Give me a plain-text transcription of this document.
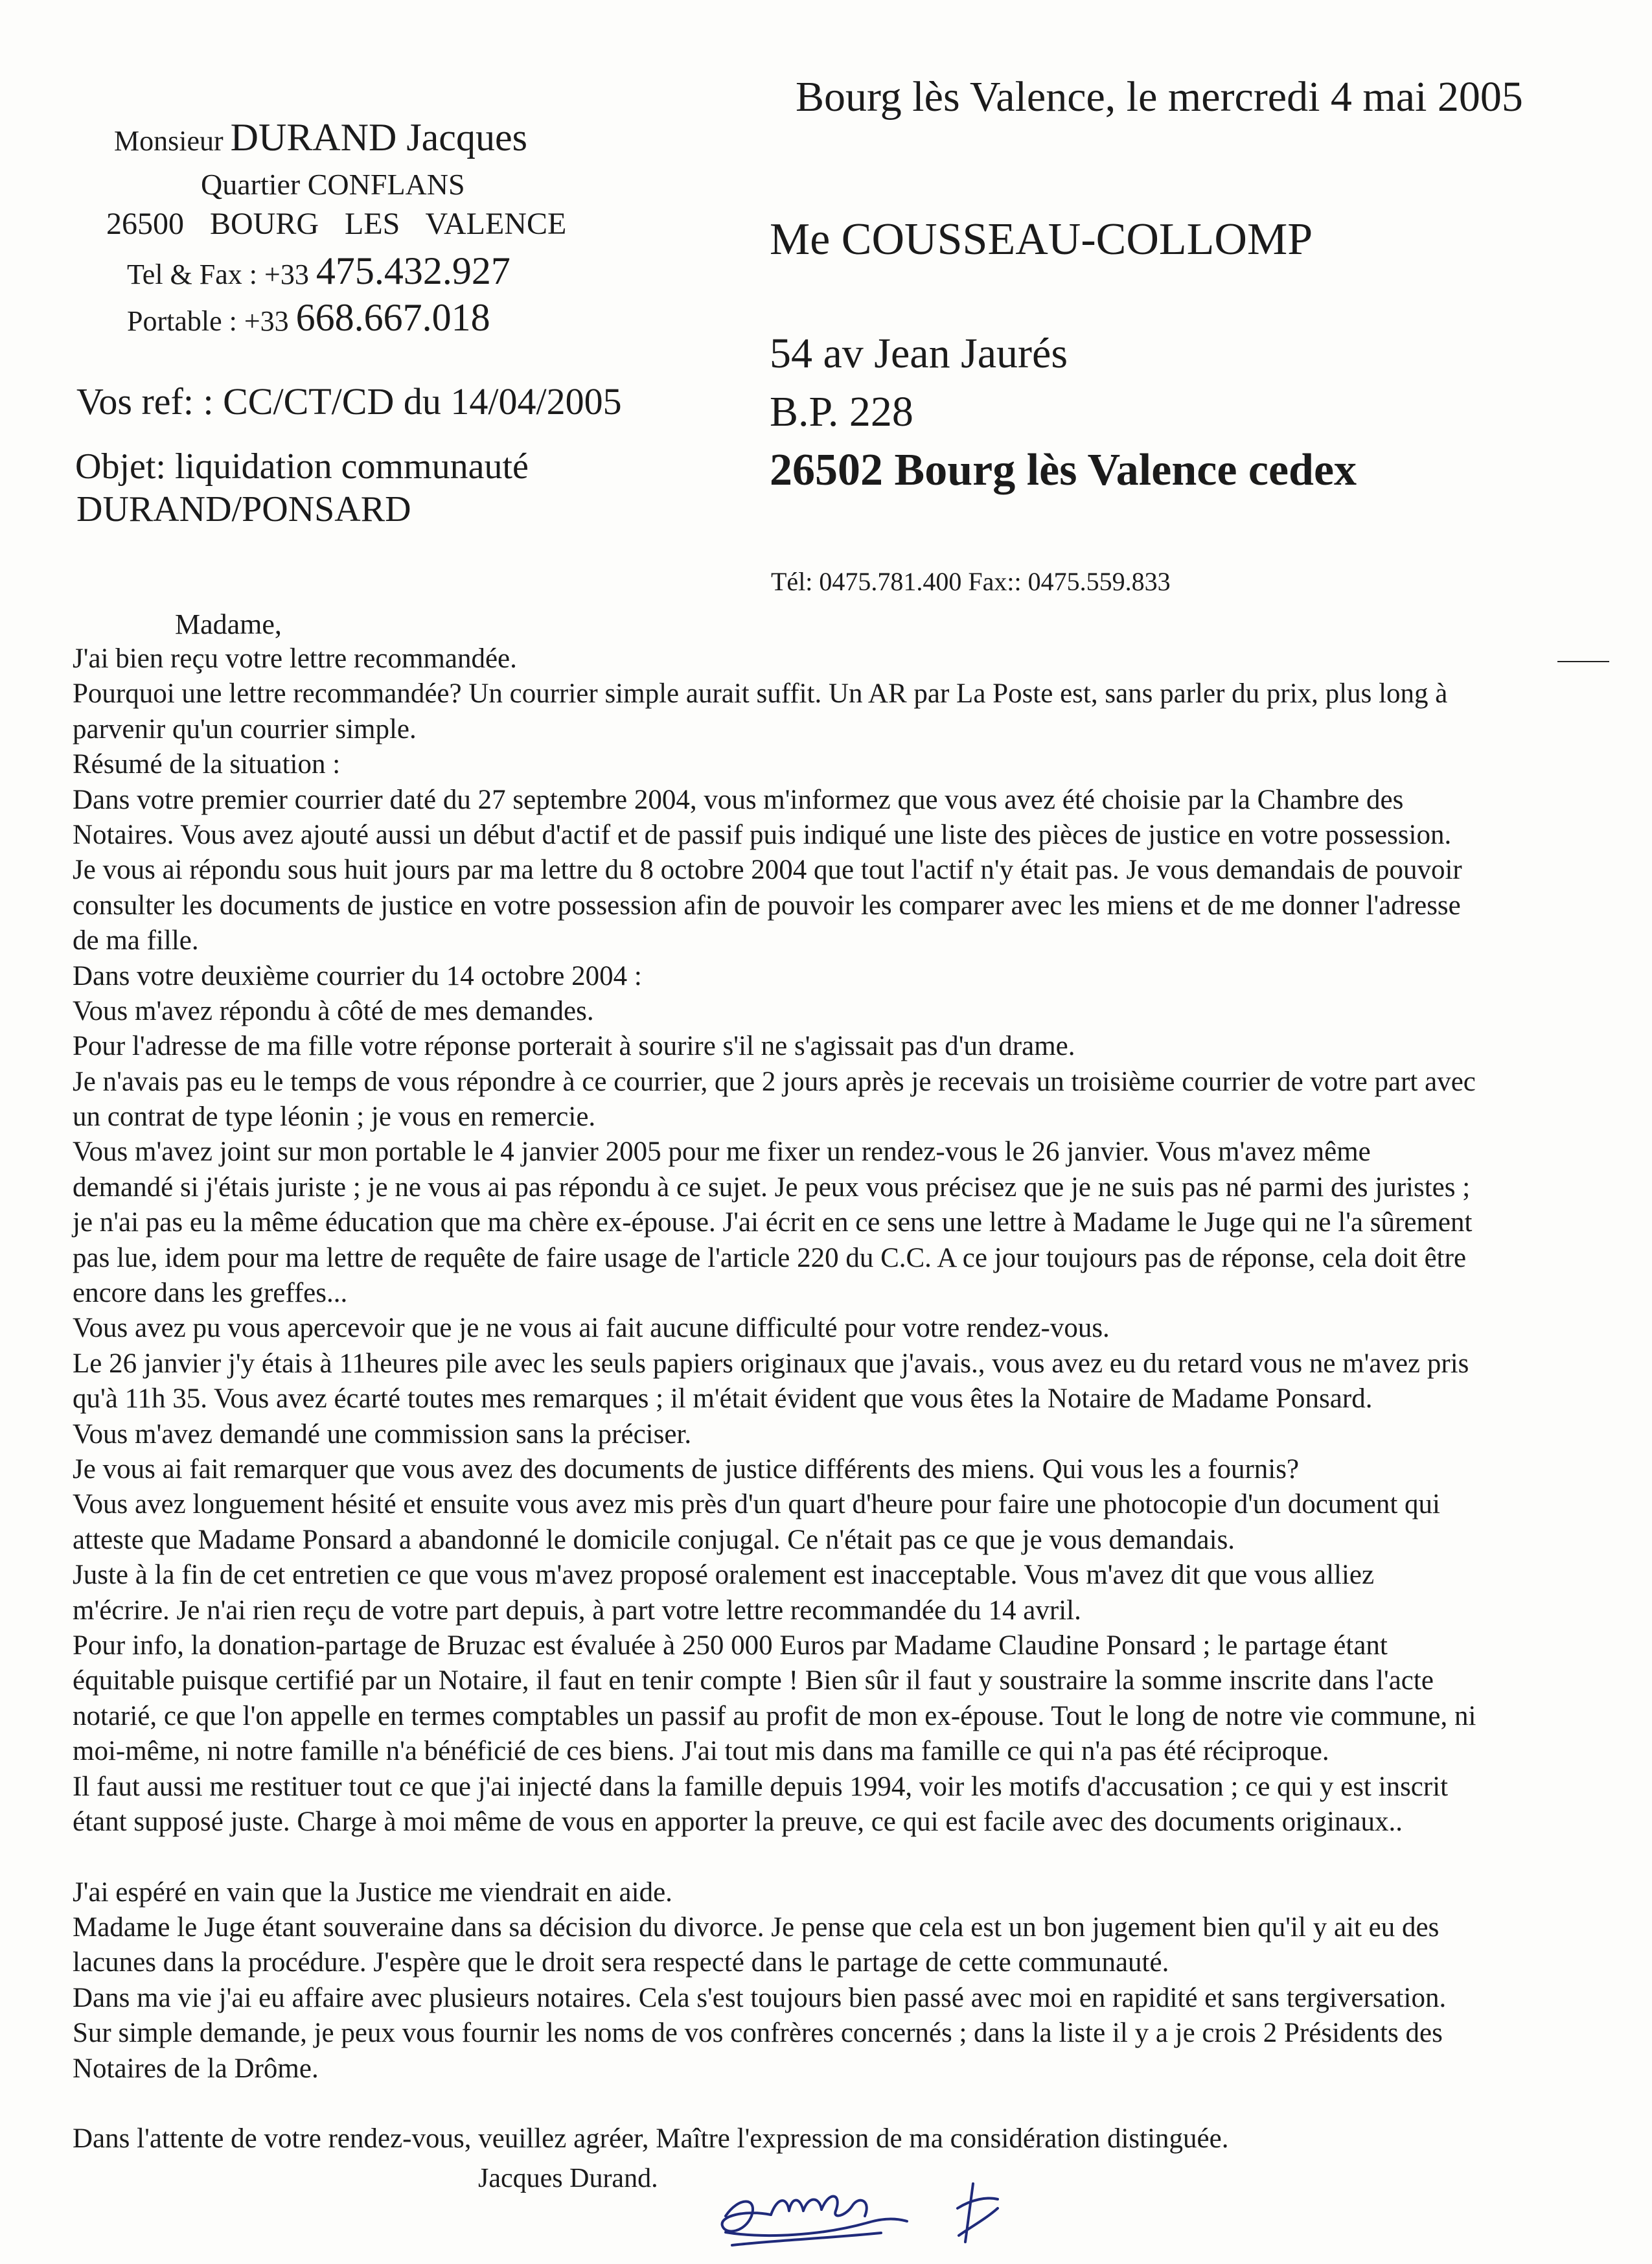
Bourg lès Valence, le mercredi 4 mai 2005
Monsieur DURAND Jacques
Quartier CONFLANS
26500 BOURG LES VALENCE
Tel & Fax : +33 475.432.927
Portable : +33 668.667.018
Me COUSSEAU-COLLOMP
54 av Jean Jaurés
B.P. 228
26502 Bourg lès Valence cedex
Tél: 0475.781.400 Fax:: 0475.559.833
Vos ref: : CC/CT/CD du 14/04/2005
Objet: liquidation communauté
DURAND/PONSARD
Madame,
J'ai bien reçu votre lettre recommandée.
Pourquoi une lettre recommandée? Un courrier simple aurait suffit. Un AR par La Poste est, sans parler du prix, plus long à
parvenir qu'un courrier simple.
Résumé de la situation :
Dans votre premier courrier daté du 27 septembre 2004, vous m'informez que vous avez été choisie par la Chambre des
Notaires. Vous avez ajouté aussi un début d'actif et de passif puis indiqué une liste des pièces de justice en votre possession.
Je vous ai répondu sous huit jours par ma lettre du 8 octobre 2004 que tout l'actif n'y était pas. Je vous demandais de pouvoir
consulter les documents de justice en votre possession afin de pouvoir les comparer avec les miens et de me donner l'adresse
de ma fille.
Dans votre deuxième courrier du 14 octobre 2004 :
Vous m'avez répondu à côté de mes demandes.
Pour l'adresse de ma fille votre réponse porterait à sourire s'il ne s'agissait pas d'un drame.
Je n'avais pas eu le temps de vous répondre à ce courrier, que 2 jours après je recevais un troisième courrier de votre part avec
un contrat de type léonin ; je vous en remercie.
Vous m'avez joint sur mon portable le 4 janvier 2005 pour me fixer un rendez-vous le 26 janvier. Vous m'avez même
demandé si j'étais juriste ; je ne vous ai pas répondu à ce sujet. Je peux vous précisez que je ne suis pas né parmi des juristes ;
je n'ai pas eu la même éducation que ma chère ex-épouse. J'ai écrit en ce sens une lettre à Madame le Juge qui ne l'a sûrement
pas lue, idem pour ma lettre de requête de faire usage de l'article 220 du C.C. A ce jour toujours pas de réponse, cela doit être
encore dans les greffes...
Vous avez pu vous apercevoir que je ne vous ai fait aucune difficulté pour votre rendez-vous.
Le 26 janvier j'y étais à 11heures pile avec les seuls papiers originaux que j'avais., vous avez eu du retard vous ne m'avez pris
qu'à 11h 35. Vous avez écarté toutes mes remarques ; il m'était évident que vous êtes la Notaire de Madame Ponsard.
Vous m'avez demandé une commission sans la préciser.
Je vous ai fait remarquer que vous avez des documents de justice différents des miens. Qui vous les a fournis?
Vous avez longuement hésité et ensuite vous avez mis près d'un quart d'heure pour faire une photocopie d'un document qui
atteste que Madame Ponsard a abandonné le domicile conjugal. Ce n'était pas ce que je vous demandais.
Juste à la fin de cet entretien ce que vous m'avez proposé oralement est inacceptable. Vous m'avez dit que vous alliez
m'écrire. Je n'ai rien reçu de votre part depuis, à part votre lettre recommandée du 14 avril.
Pour info, la donation-partage de Bruzac est évaluée à 250 000 Euros par Madame Claudine Ponsard ; le partage étant
équitable puisque certifié par un Notaire, il faut en tenir compte ! Bien sûr il faut y soustraire la somme inscrite dans l'acte
notarié, ce que l'on appelle en termes comptables un passif au profit de mon ex-épouse. Tout le long de notre vie commune, ni
moi-même, ni notre famille n'a bénéficié de ces biens. J'ai tout mis dans ma famille ce qui n'a pas été réciproque.
Il faut aussi me restituer tout ce que j'ai injecté dans la famille depuis 1994, voir les motifs d'accusation ; ce qui y est inscrit
étant supposé juste. Charge à moi même de vous en apporter la preuve, ce qui est facile avec des documents originaux..
J'ai espéré en vain que la Justice me viendrait en aide.
Madame le Juge étant souveraine dans sa décision du divorce. Je pense que cela est un bon jugement bien qu'il y ait eu des
lacunes dans la procédure. J'espère que le droit sera respecté dans le partage de cette communauté.
Dans ma vie j'ai eu affaire avec plusieurs notaires. Cela s'est toujours bien passé avec moi en rapidité et sans tergiversation.
Sur simple demande, je peux vous fournir les noms de vos confrères concernés ; dans la liste il y a je crois 2 Présidents des
Notaires de la Drôme.
Dans l'attente de votre rendez-vous, veuillez agréer, Maître l'expression de ma considération distinguée.
Jacques Durand.
